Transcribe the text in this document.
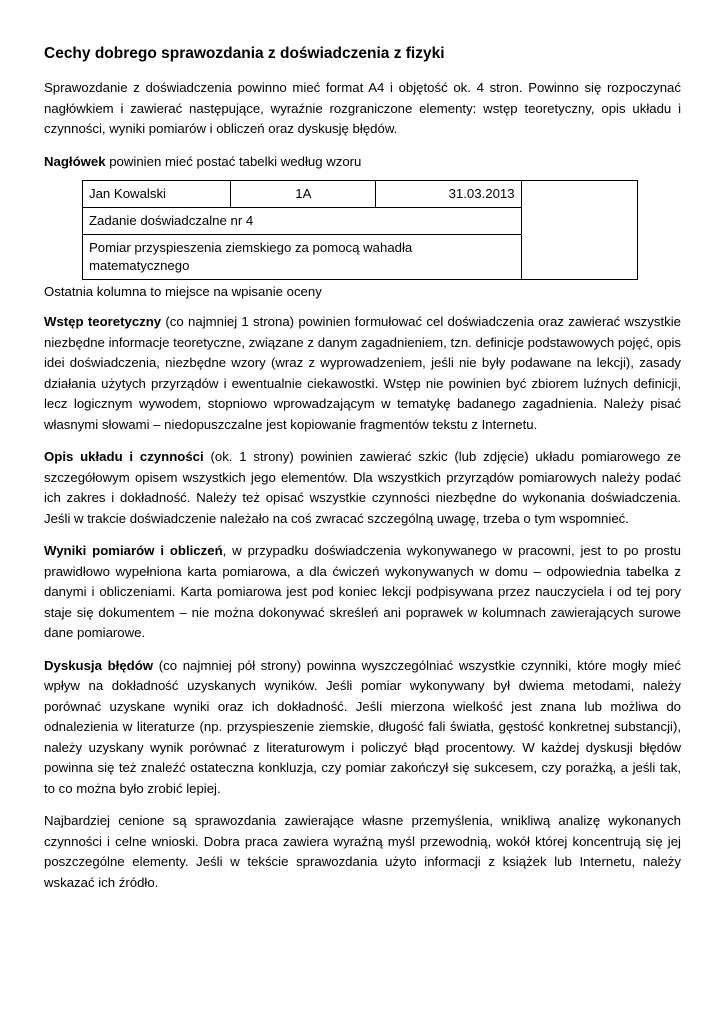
Cechy dobrego sprawozdania z doświadczenia z fizyki

Sprawozdanie z doświadczenia powinno mieć format A4 i objętość ok. 4 stron. Powinno się rozpoczynać nagłówkiem i zawierać następujące, wyraźnie rozgraniczone elementy: wstęp teoretyczny, opis układu i czynności, wyniki pomiarów i obliczeń oraz dyskusję błędów.

Nagłówek powinien mieć postać tabelki według wzoru

Jan Kowalski	1A	31.03.2013	
Zadanie doświadczalne nr 4
Pomiar przyspieszenia ziemskiego za pomocą wahadła matematycznego
Ostatnia kolumna to miejsce na wpisanie oceny

Wstęp teoretyczny (co najmniej 1 strona) powinien formułować cel doświadczenia oraz zawierać wszystkie niezbędne informacje teoretyczne, związane z danym zagadnieniem, tzn. definicje podstawowych pojęć, opis idei doświadczenia, niezbędne wzory (wraz z wyprowadzeniem, jeśli nie były podawane na lekcji), zasady działania użytych przyrządów i ewentualnie ciekawostki. Wstęp nie powinien być zbiorem luźnych definicji, lecz logicznym wywodem, stopniowo wprowadzającym w tematykę badanego zagadnienia. Należy pisać własnymi słowami – niedopuszczalne jest kopiowanie fragmentów tekstu z Internetu.

Opis układu i czynności (ok. 1 strony) powinien zawierać szkic (lub zdjęcie) układu pomiarowego ze szczegółowym opisem wszystkich jego elementów. Dla wszystkich przyrządów pomiarowych należy podać ich zakres i dokładność. Należy też opisać wszystkie czynności niezbędne do wykonania doświadczenia. Jeśli w trakcie doświadczenie należało na coś zwracać szczególną uwagę, trzeba o tym wspomnieć.

Wyniki pomiarów i obliczeń, w przypadku doświadczenia wykonywanego w pracowni, jest to po prostu prawidłowo wypełniona karta pomiarowa, a dla ćwiczeń wykonywanych w domu – odpowiednia tabelka z danymi i obliczeniami. Karta pomiarowa jest pod koniec lekcji podpisywana przez nauczyciela i od tej pory staje się dokumentem – nie można dokonywać skreśleń ani poprawek w kolumnach zawierających surowe dane pomiarowe.

Dyskusja błędów (co najmniej pół strony) powinna wyszczególniać wszystkie czynniki, które mogły mieć wpływ na dokładność uzyskanych wyników. Jeśli pomiar wykonywany był dwiema metodami, należy porównać uzyskane wyniki oraz ich dokładność. Jeśli mierzona wielkość jest znana lub możliwa do odnalezienia w literaturze (np. przyspieszenie ziemskie, długość fali światła, gęstość konkretnej substancji), należy uzyskany wynik porównać z literaturowym i policzyć błąd procentowy. W każdej dyskusji błędów powinna się też znaleźć ostateczna konkluzja, czy pomiar zakończył się sukcesem, czy porażką, a jeśli tak, to co można było zrobić lepiej.

Najbardziej cenione są sprawozdania zawierające własne przemyślenia, wnikliwą analizę wykonanych czynności i celne wnioski. Dobra praca zawiera wyraźną myśl przewodnią, wokół której koncentrują się jej poszczególne elementy. Jeśli w tekście sprawozdania użyto informacji z książek lub Internetu, należy wskazać ich źródło.
